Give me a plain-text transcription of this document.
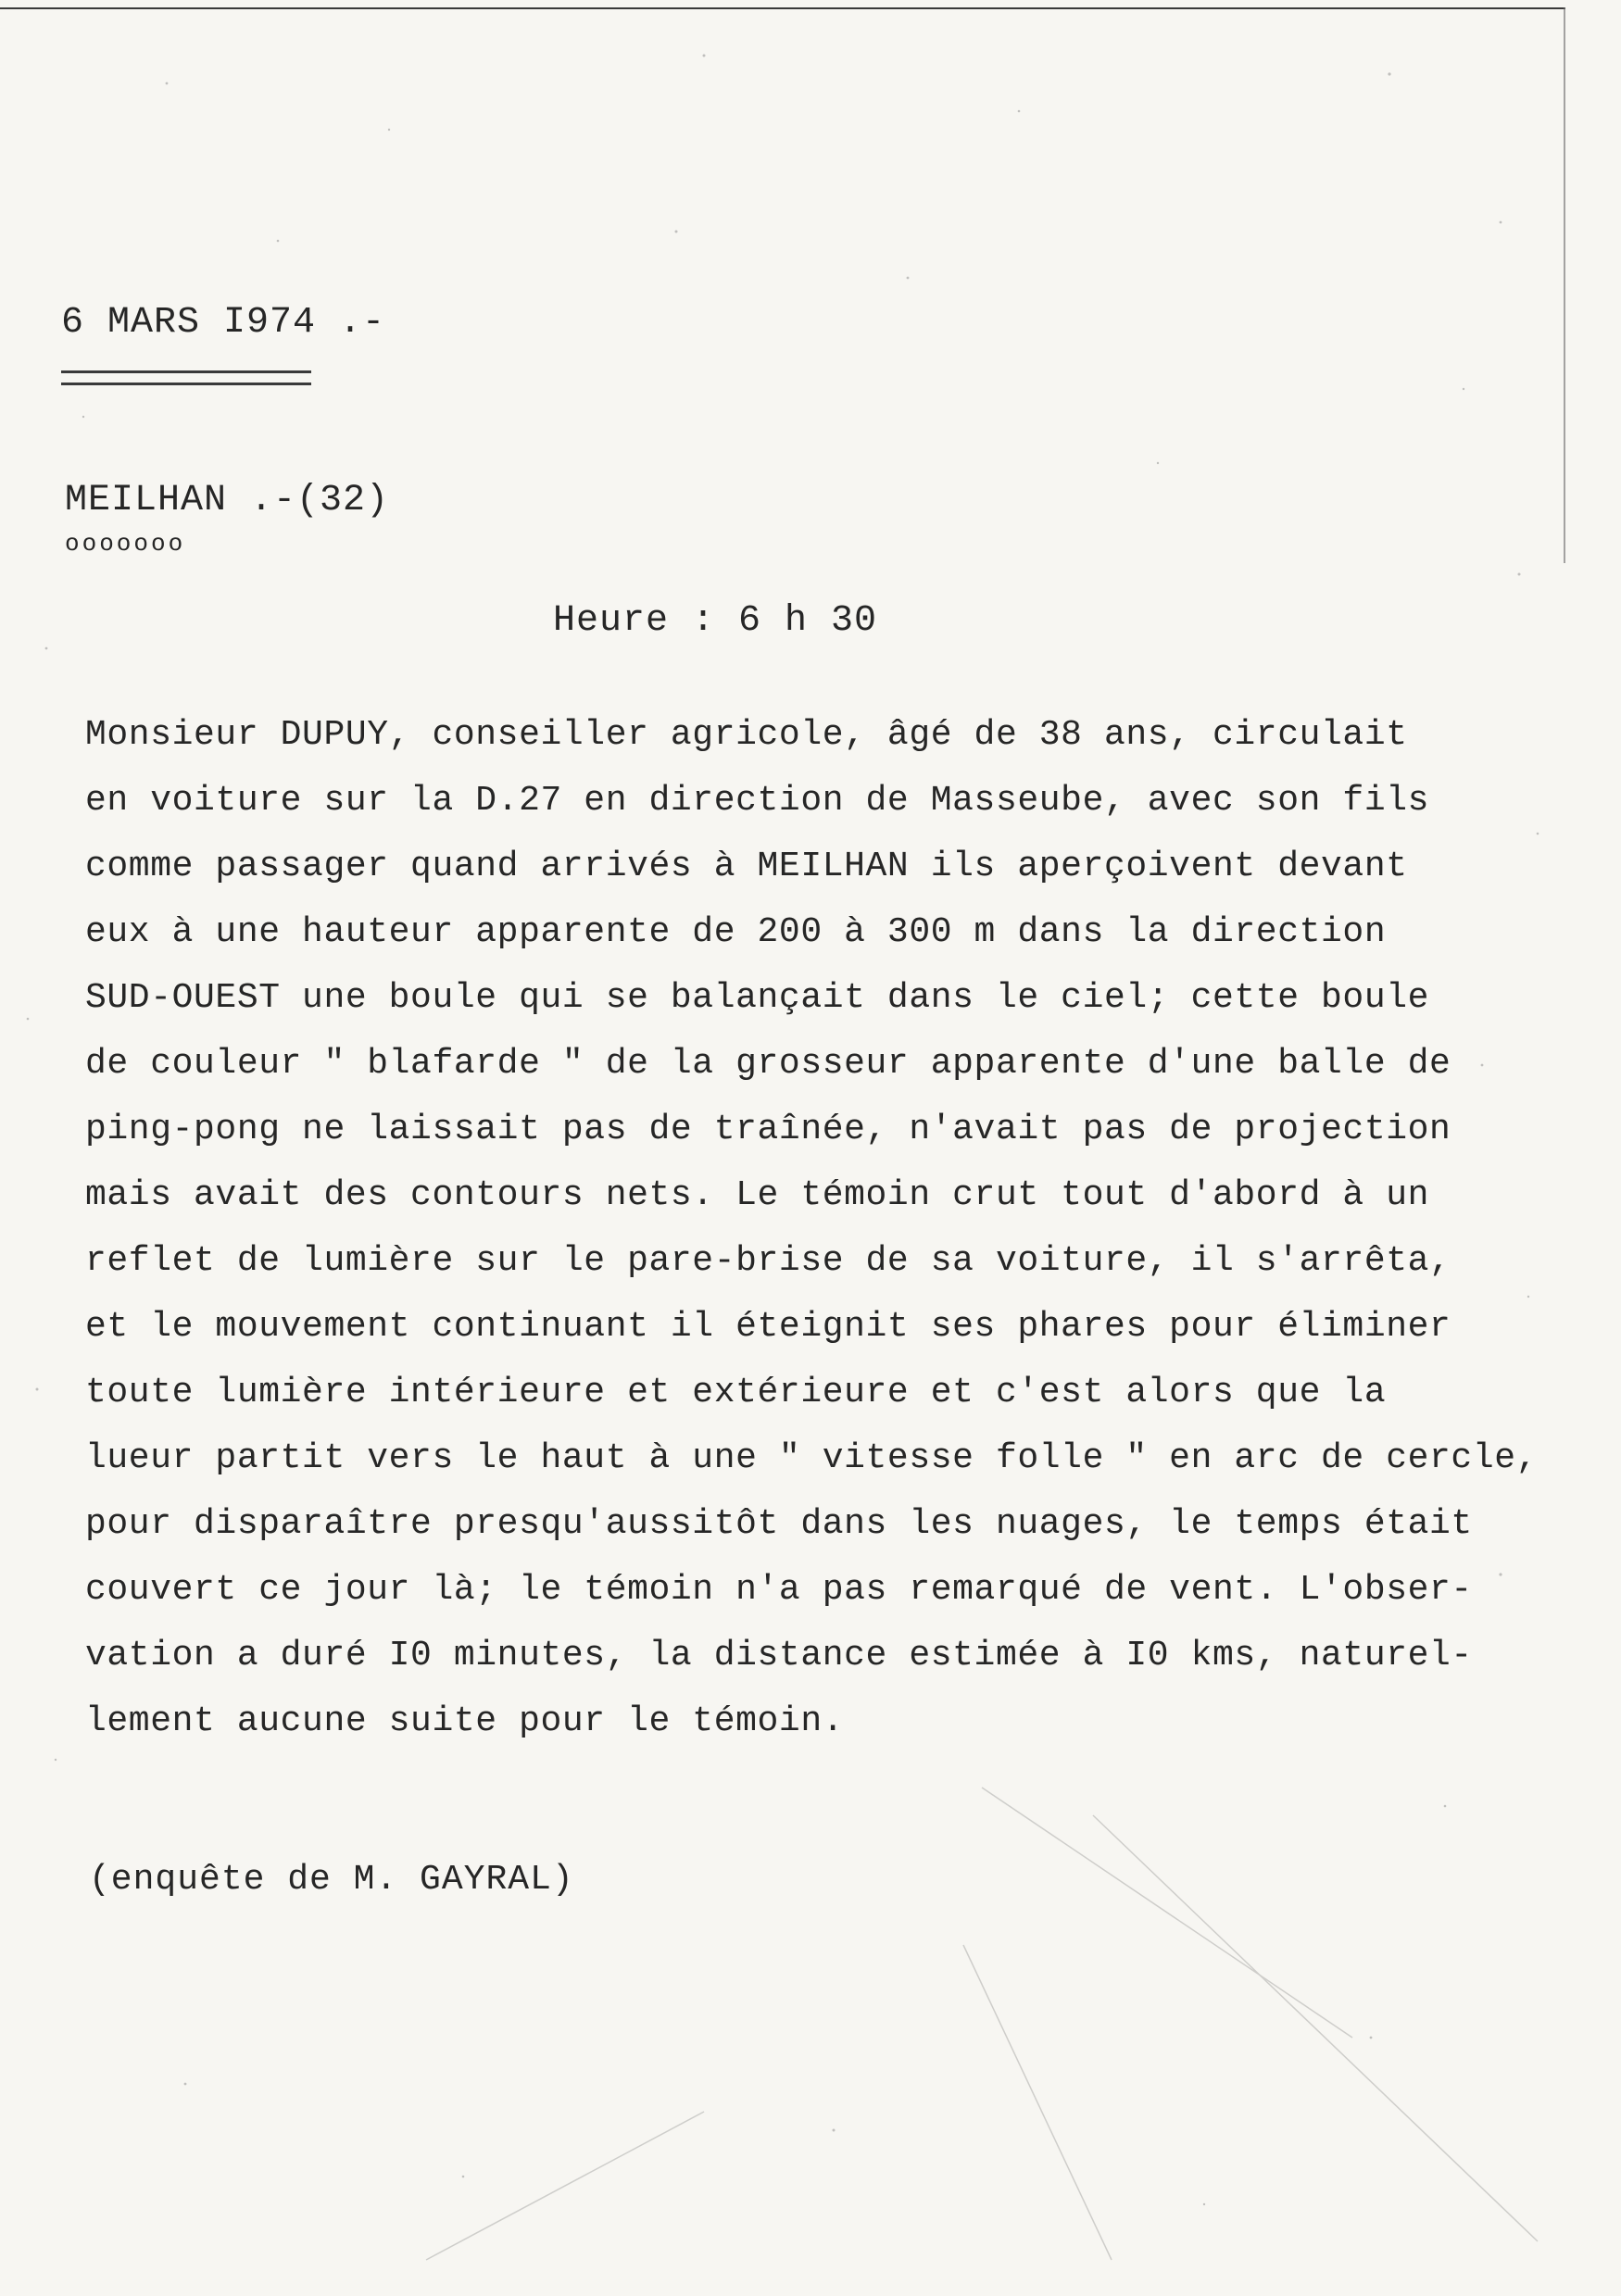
6 MARS I974 .-
MEILHAN .-(32)
ooooooo
Heure : 6 h 30
Monsieur DUPUY, conseiller agricole, âgé de 38 ans, circulait
en voiture sur la D.27 en direction de Masseube, avec son fils
comme passager quand arrivés à MEILHAN ils aperçoivent devant
eux à une hauteur apparente de 200 à 300 m dans la direction
SUD-OUEST une boule qui se balançait dans le ciel; cette boule
de couleur " blafarde " de la grosseur apparente d'une balle de
ping-pong ne laissait pas de traînée, n'avait pas de projection
mais avait des contours nets. Le témoin crut tout d'abord à un
reflet de lumière sur le pare-brise de sa voiture, il s'arrêta,
et le mouvement continuant il éteignit ses phares pour éliminer
toute lumière intérieure et extérieure et c'est alors que la
lueur partit vers le haut à une " vitesse folle " en arc de cercle,
pour disparaître presqu'aussitôt dans les nuages, le temps était
couvert ce jour là; le témoin n'a pas remarqué de vent. L'obser-
vation a duré I0 minutes, la distance estimée à I0 kms, naturel-
lement aucune suite pour le témoin.
(enquête de M. GAYRAL)
